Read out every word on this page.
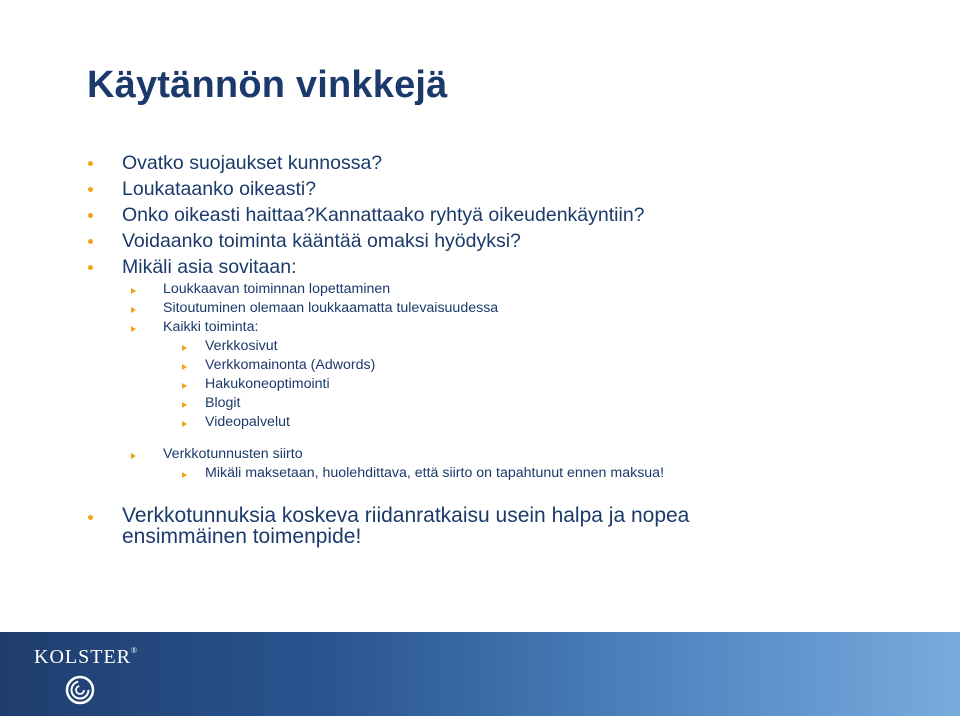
Käytännön vinkkejä
Ovatko suojaukset kunnossa?
Loukataanko oikeasti?
Onko oikeasti haittaa?Kannattaako ryhtyä oikeudenkäyntiin?
Voidaanko toiminta kääntää omaksi hyödyksi?
Mikäli asia sovitaan:
Loukkaavan toiminnan lopettaminen
Sitoutuminen olemaan loukkaamatta tulevaisuudessa
Kaikki toiminta:
Verkkosivut
Verkkomainonta (Adwords)
Hakukoneoptimointi
Blogit
Videopalvelut
Verkkotunnusten siirto
Mikäli maksetaan, huolehdittava, että siirto on tapahtunut ennen maksua!
Verkkotunnuksia koskeva riidanratkaisu usein halpa ja nopea ensimmäinen toimenpide!
KOLSTER®
